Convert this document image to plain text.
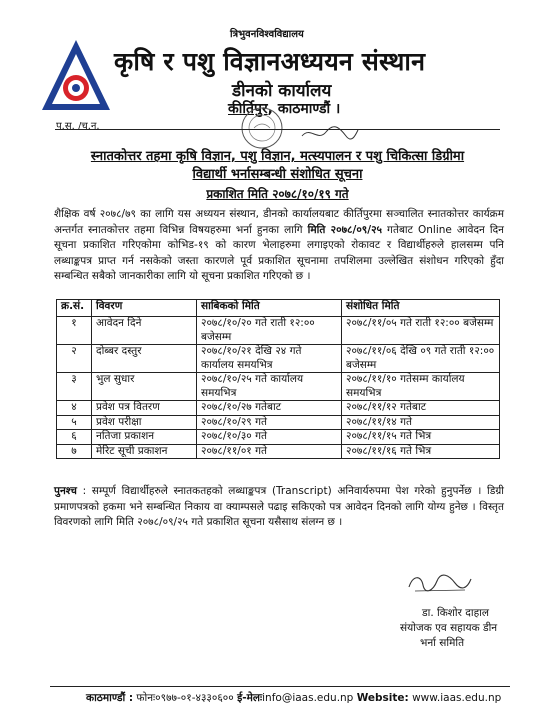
त्रिभुवनविश्वविद्यालय
कृषि र पशु विज्ञानअध्ययन संस्थान
डीनको कार्यालय
कीर्तिपुर, काठमाण्डौं ।
प.स. /च.न.
स्नातकोत्तर तहमा कृषि विज्ञान, पशु विज्ञान, मत्स्यपालन र पशु चिकित्सा डिग्रीमा
विद्यार्थी भर्नासम्बन्धी संशोधित सूचना
प्रकाशित मिति २०७८/१०/१९ गते
शैक्षिक वर्ष २०७८/७९ का लागि यस अध्ययन संस्थान, डीनको कार्यालयबाट कीर्तिपुरमा सञ्चालित स्नातकोत्तर कार्यक्रम अन्तर्गत स्नातकोत्तर तहमा विभिन्न विषयहरुमा भर्ना हुनका लागि मिति २०७८/०९/२५ गतेबाट Online आवेदन दिन सूचना प्रकाशित गरिएकोमा कोभिड-१९ को कारण भेलाहरुमा लगाइएको रोकावट र विद्यार्थीहरुले हालसम्म पनि लब्धाङ्कपत्र प्राप्त गर्न नसकेको जस्ता कारणले पूर्व प्रकाशित सूचनामा तपशिलमा उल्लेखित संशोधन गरिएको हुँदा सम्बन्धित सबैको जानकारीका लागि यो सूचना प्रकाशित गरिएको छ ।
क्र.सं.	विवरण	साबिकको मिति	संशोधित मिति
१	आवेदन दिने	२०७८/१०/२० गते राती १२:०० बजेसम्म	२०७८/११/०५ गते राती १२:०० बजेसम्म
२	दोब्बर दस्तुर	२०७८/१०/२१ देखि २४ गते कार्यालय समयभित्र	२०७८/११/०६ देखि ०९ गते राती १२:०० बजेसम्म
३	भुल सुधार	२०७८/१०/२५ गते कार्यालय समयभित्र	२०७८/११/१० गतेसम्म कार्यालय समयभित्र
४	प्रवेश पत्र वितरण	२०७८/१०/२७ गतेबाट	२०७८/११/१२ गतेबाट
५	प्रवेश परीक्षा	२०७८/१०/२९ गते	२०७८/११/१४ गते
६	नतिजा प्रकाशन	२०७८/१०/३० गते	२०७८/११/१५ गते भित्र
७	मेरिट सूची प्रकाशन	२०७८/११/०१ गते	२०७८/११/१६ गते भित्र
पुनश्च : सम्पूर्ण विद्यार्थीहरुले स्नातकतहको लब्धाङ्कपत्र (Transcript) अनिवार्यरुपमा पेश गरेको हुनुपर्नेछ । डिग्री प्रमाणपत्रको हकमा भने सम्बन्धित निकाय वा क्याम्पसले पढाइ सकिएको पत्र आवेदन दिनको लागि योग्य हुनेछ । विस्तृत विवरणको लागि मिति २०७८/०९/२५ गते प्रकाशित सूचना यसैसाथ संलग्न छ ।
डा. किशोर दाहाल
संयोजक एव सहायक डीन
भर्ना समिति
काठमाण्डौं : फोनः०९७७-०१-४३३०६०० ई-मेलःinfo@iaas.edu.np Website: www.iaas.edu.np
